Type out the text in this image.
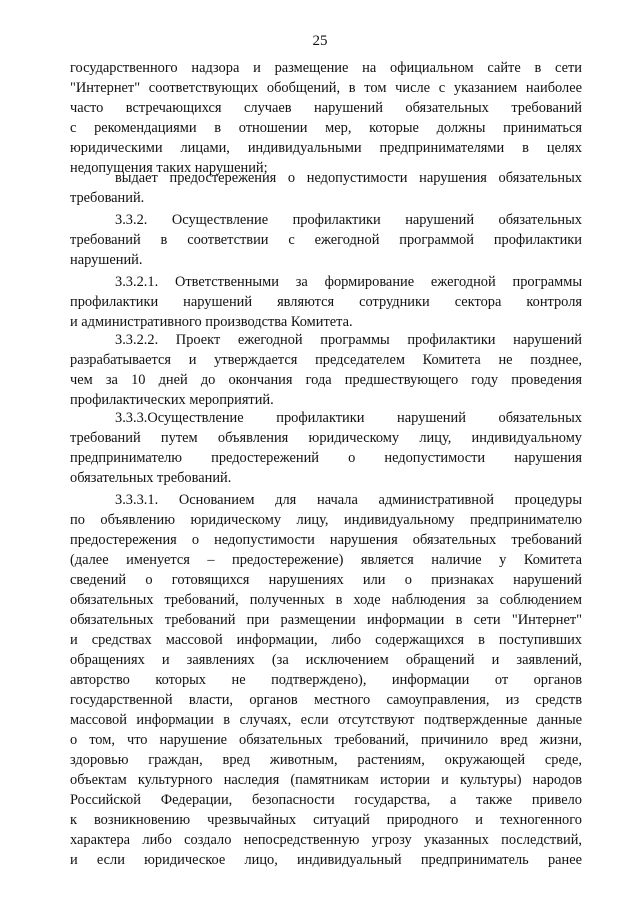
25
государственного надзора и размещение на официальном сайте в сети
"Интернет" соответствующих обобщений, в том числе с указанием наиболее
часто встречающихся случаев нарушений обязательных требований
с рекомендациями в отношении мер, которые должны приниматься
юридическими лицами, индивидуальными предпринимателями в целях
недопущения таких нарушений;
выдает предостережения о недопустимости нарушения обязательных
требований.
3.3.2. Осуществление профилактики нарушений обязательных
требований в соответствии с ежегодной программой профилактики
нарушений.
3.3.2.1. Ответственными за формирование ежегодной программы
профилактики нарушений являются сотрудники сектора контроля
и административного производства Комитета.
3.3.2.2. Проект ежегодной программы профилактики нарушений
разрабатывается и утверждается председателем Комитета не позднее,
чем за 10 дней до окончания года предшествующего году проведения
профилактических мероприятий.
3.3.3.Осуществление профилактики нарушений обязательных
требований путем объявления юридическому лицу, индивидуальному
предпринимателю предостережений о недопустимости нарушения
обязательных требований.
3.3.3.1. Основанием для начала административной процедуры
по объявлению юридическому лицу, индивидуальному предпринимателю
предостережения о недопустимости нарушения обязательных требований
(далее именуется – предостережение) является наличие у Комитета
сведений о готовящихся нарушениях или о признаках нарушений
обязательных требований, полученных в ходе наблюдения за соблюдением
обязательных требований при размещении информации в сети "Интернет"
и средствах массовой информации, либо содержащихся в поступивших
обращениях и заявлениях (за исключением обращений и заявлений,
авторство которых не подтверждено), информации от органов
государственной власти, органов местного самоуправления, из средств
массовой информации в случаях, если отсутствуют подтвержденные данные
о том, что нарушение обязательных требований, причинило вред жизни,
здоровью граждан, вред животным, растениям, окружающей среде,
объектам культурного наследия (памятникам истории и культуры) народов
Российской Федерации, безопасности государства, а также привело
к возникновению чрезвычайных ситуаций природного и техногенного
характера либо создало непосредственную угрозу указанных последствий,
и если юридическое лицо, индивидуальный предприниматель ранее
